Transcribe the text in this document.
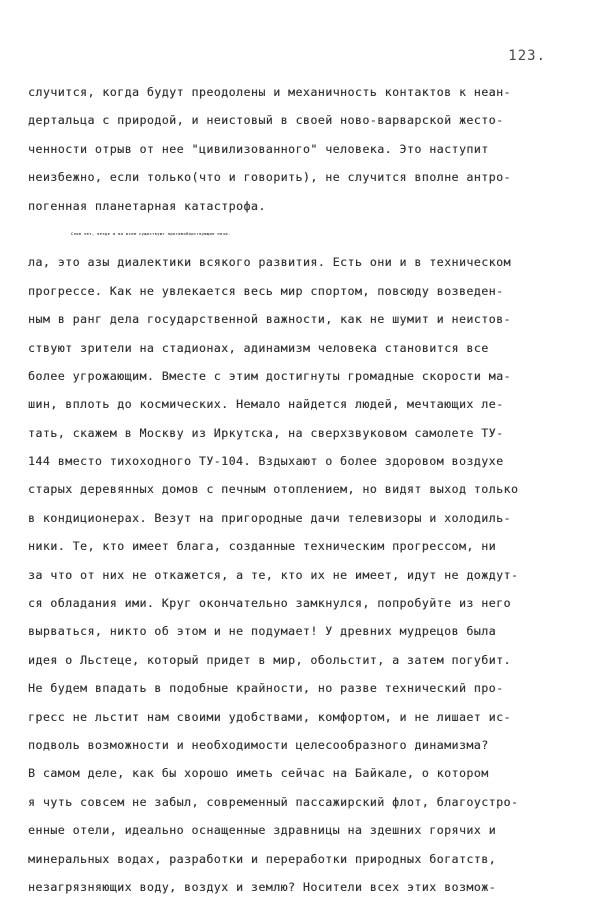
123.
случится, когда будут преодолены и механичность контактов к неан-
дертальца с природой, и неистовый в своей ново-варварской жесто-
ченности отрыв от нее "цивилизованного" человека. Это наступит
неизбежно, если только(что и говорить), не случится вполне антро-
погенная планетарная катастрофа.
Слов нет, везде и во всем существуют противоборствующие нача-
ла, это азы диалектики всякого развития. Есть они и в техническом
прогрессе. Как не увлекается весь мир спортом, повсюду возведен-
ным в ранг дела государственной важности, как не шумит и неистов-
ствуют зрители на стадионах, адинамизм человека становится все
более угрожающим. Вместе с этим достигнуты громадные скорости ма-
шин, вплоть до космических. Немало найдется людей, мечтающих ле-
тать, скажем в Москву из Иркутска, на сверхзвуковом самолете ТУ-
144 вместо тихоходного ТУ-104. Вздыхают о более здоровом воздухе
старых деревянных домов с печным отоплением, но видят выход только
в кондиционерах. Везут на пригородные дачи телевизоры и холодиль-
ники. Те, кто имеет блага, созданные техническим прогрессом, ни
за что от них не откажется, а те, кто их не имеет, идут не дождут-
ся обладания ими. Круг окончательно замкнулся, попробуйте из него
вырваться, никто об этом и не подумает! У древних мудрецов была
идея о Льстеце, который придет в мир, обольстит, а затем погубит.
Не будем впадать в подобные крайности, но разве технический про-
гресс не льстит нам своими удобствами, комфортом, и не лишает ис-
подволь возможности и необходимости целесообразного динамизма?
В самом деле, как бы хорошо иметь сейчас на Байкале, о котором
я чуть совсем не забыл, современный пассажирский флот, благоустро-
енные отели, идеально оснащенные здравницы на здешних горячих и
минеральных водах, разработки и переработки природных богатств,
незагрязняющих воду, воздух и землю? Носители всех этих возмож-
